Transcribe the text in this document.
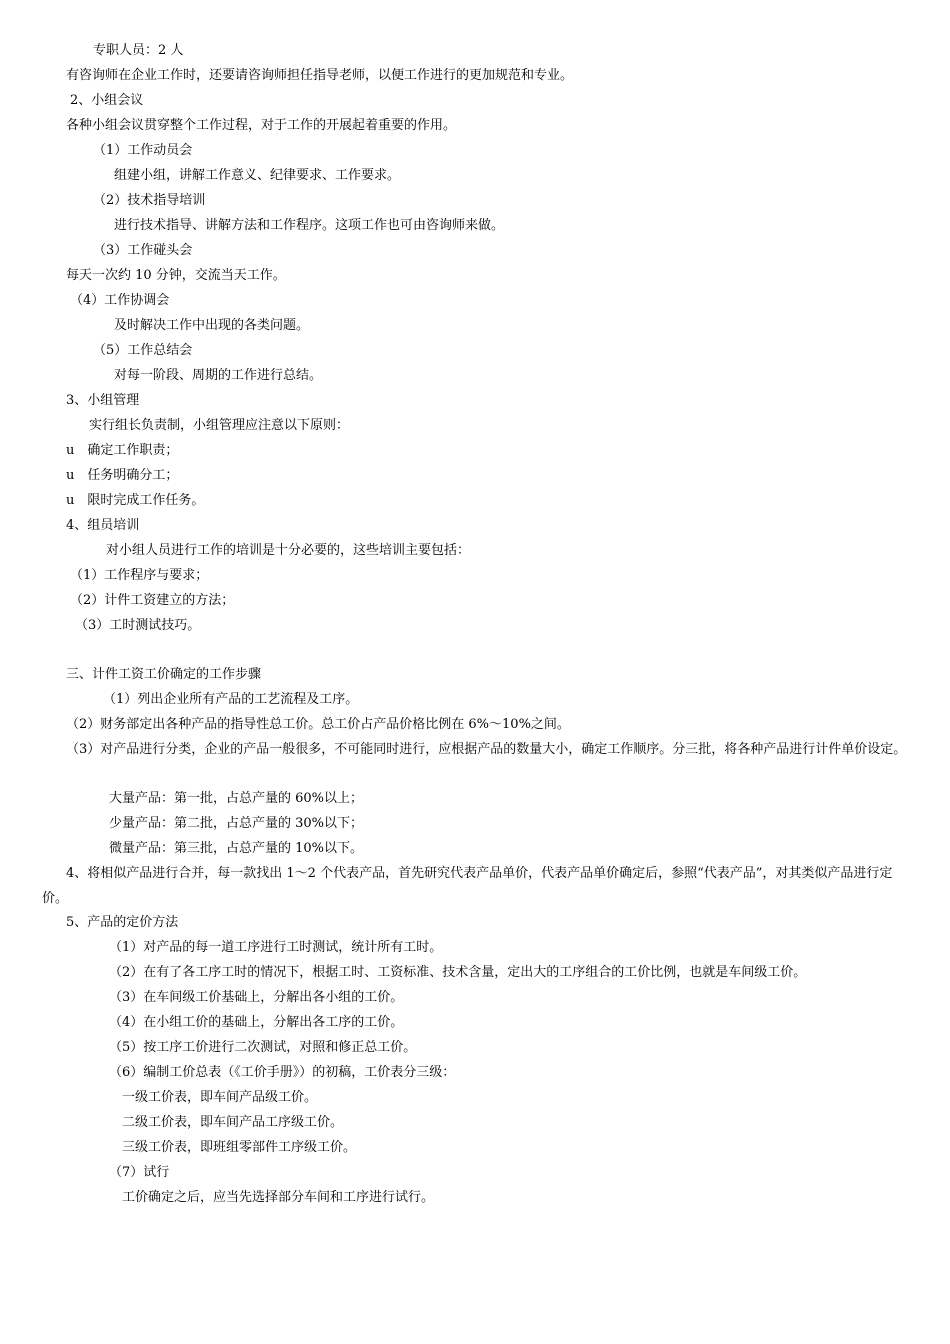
专职人员：2 人
有咨询师在企业工作时，还要请咨询师担任指导老师，以便工作进行的更加规范和专业。
2、小组会议
各种小组会议贯穿整个工作过程，对于工作的开展起着重要的作用。
（1）工作动员会
组建小组，讲解工作意义、纪律要求、工作要求。
（2）技术指导培训
进行技术指导、讲解方法和工作程序。这项工作也可由咨询师来做。
（3）工作碰头会
每天一次约 10 分钟，交流当天工作。
（4）工作协调会
及时解决工作中出现的各类问题。
（5）工作总结会
对每一阶段、周期的工作进行总结。
3、小组管理
实行组长负责制，小组管理应注意以下原则：
u　确定工作职责；
u　任务明确分工；
u　限时完成工作任务。
4、组员培训
对小组人员进行工作的培训是十分必要的，这些培训主要包括：
（1）工作程序与要求；
（2）计件工资建立的方法；
（3）工时测试技巧。
三、计件工资工价确定的工作步骤
（1）列出企业所有产品的工艺流程及工序。
（2）财务部定出各种产品的指导性总工价。总工价占产品价格比例在 6%～10%之间。
（3）对产品进行分类，企业的产品一般很多，不可能同时进行，应根据产品的数量大小，确定工作顺序。分三批，将各种产品进行计件单价设定。
大量产品：第一批，占总产量的 60%以上；
少量产品：第二批，占总产量的 30%以下；
微量产品：第三批，占总产量的 10%以下。
4、将相似产品进行合并，每一款找出 1～2 个代表产品，首先研究代表产品单价，代表产品单价确定后，参照“代表产品”，对其类似产品进行定价。
5、产品的定价方法
（1）对产品的每一道工序进行工时测试，统计所有工时。
（2）在有了各工序工时的情况下，根据工时、工资标准、技术含量，定出大的工序组合的工价比例，也就是车间级工价。
（3）在车间级工价基础上，分解出各小组的工价。
（4）在小组工价的基础上，分解出各工序的工价。
（5）按工序工价进行二次测试，对照和修正总工价。
（6）编制工价总表（《工价手册》）的初稿，工价表分三级：
一级工价表，即车间产品级工价。
二级工价表，即车间产品工序级工价。
三级工价表，即班组零部件工序级工价。
（7）试行
工价确定之后，应当先选择部分车间和工序进行试行。
